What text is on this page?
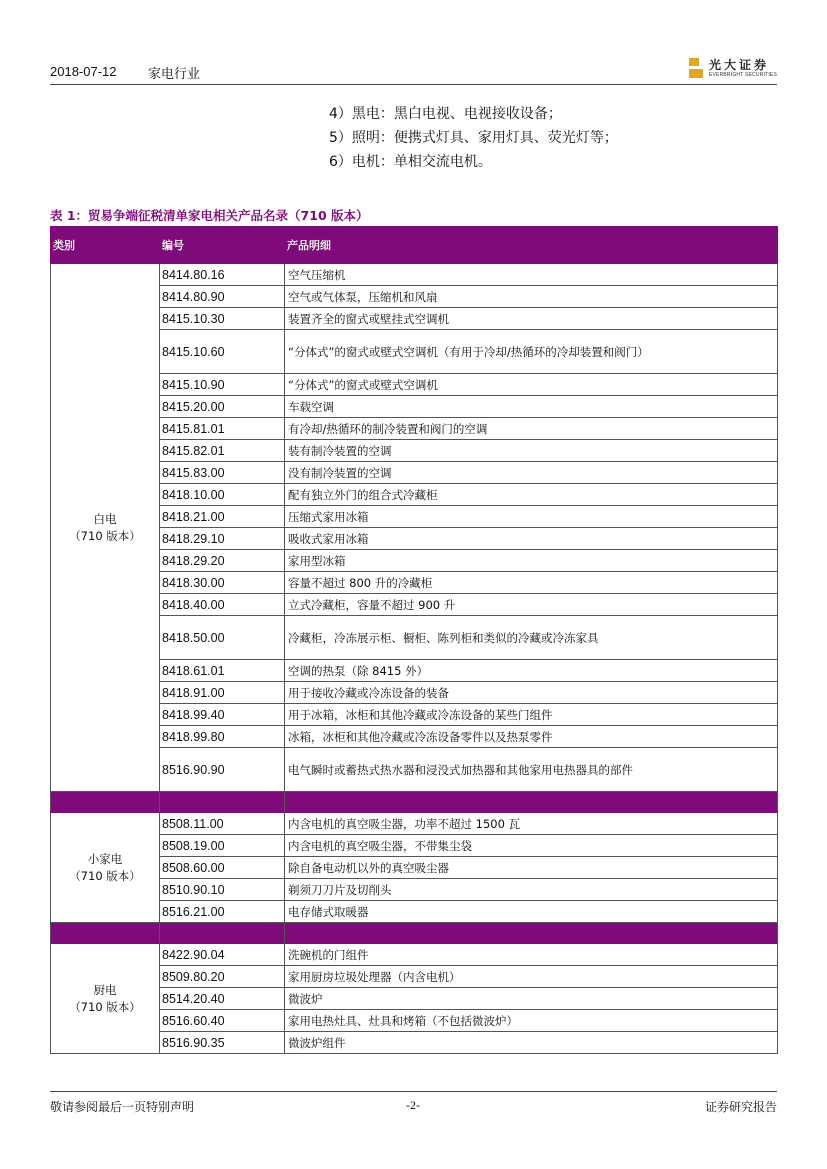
2018-07-12 家电行业
光大证券
EVERBRIGHT SECURITIES
4）黑电：黑白电视、电视接收设备；
5）照明：便携式灯具、家用灯具、荧光灯等；
6）电机：单相交流电机。
表 1：贸易争端征税清单家电相关产品名录（710 版本）
类别	编号	产品明细
白电
（710 版本）	8414.80.16	空气压缩机
	8414.80.90	空气或气体泵，压缩机和风扇
	8415.10.30	装置齐全的窗式或壁挂式空调机
	8415.10.60	“分体式”的窗式或壁式空调机（有用于冷却/热循环的冷却装置和阀门）
	8415.10.90	“分体式”的窗式或壁式空调机
	8415.20.00	车载空调
	8415.81.01	有冷却/热循环的制冷装置和阀门的空调
	8415.82.01	装有制冷装置的空调
	8415.83.00	没有制冷装置的空调
	8418.10.00	配有独立外门的组合式冷藏柜
	8418.21.00	压缩式家用冰箱
	8418.29.10	吸收式家用冰箱
	8418.29.20	家用型冰箱
	8418.30.00	容量不超过 800 升的冷藏柜
	8418.40.00	立式冷藏柜，容量不超过 900 升
	8418.50.00	冷藏柜，冷冻展示柜、橱柜、陈列柜和类似的冷藏或冷冻家具
	8418.61.01	空调的热泵（除 8415 外）
	8418.91.00	用于接收冷藏或冷冻设备的装备
	8418.99.40	用于冰箱，冰柜和其他冷藏或冷冻设备的某些门组件
	8418.99.80	冰箱，冰柜和其他冷藏或冷冻设备零件以及热泵零件
	8516.90.90	电气瞬时或蓄热式热水器和浸没式加热器和其他家用电热器具的部件

小家电
（710 版本）	8508.11.00	内含电机的真空吸尘器，功率不超过 1500 瓦
	8508.19.00	内含电机的真空吸尘器，不带集尘袋
	8508.60.00	除自备电动机以外的真空吸尘器
	8510.90.10	剃须刀刀片及切削头
	8516.21.00	电存储式取暖器

厨电
（710 版本）	8422.90.04	洗碗机的门组件
	8509.80.20	家用厨房垃圾处理器（内含电机）
	8514.20.40	微波炉
	8516.60.40	家用电热灶具、灶具和烤箱（不包括微波炉）
	8516.90.35	微波炉组件
敬请参阅最后一页特别声明	-2-	证券研究报告
